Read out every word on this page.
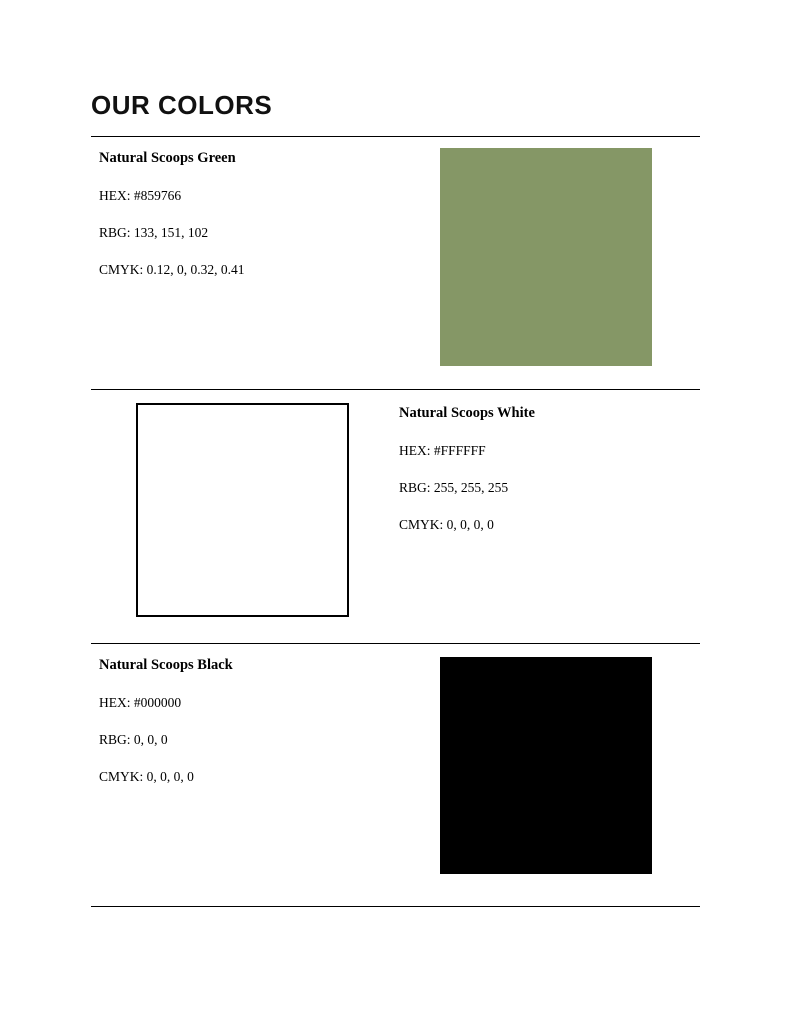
OUR COLORS
Natural Scoops Green
HEX: #859766
RBG: 133, 151, 102
CMYK: 0.12, 0, 0.32, 0.41
Natural Scoops White
HEX: #FFFFFF
RBG: 255, 255, 255
CMYK: 0, 0, 0, 0
Natural Scoops Black
HEX: #000000
RBG: 0, 0, 0
CMYK: 0, 0, 0, 0
